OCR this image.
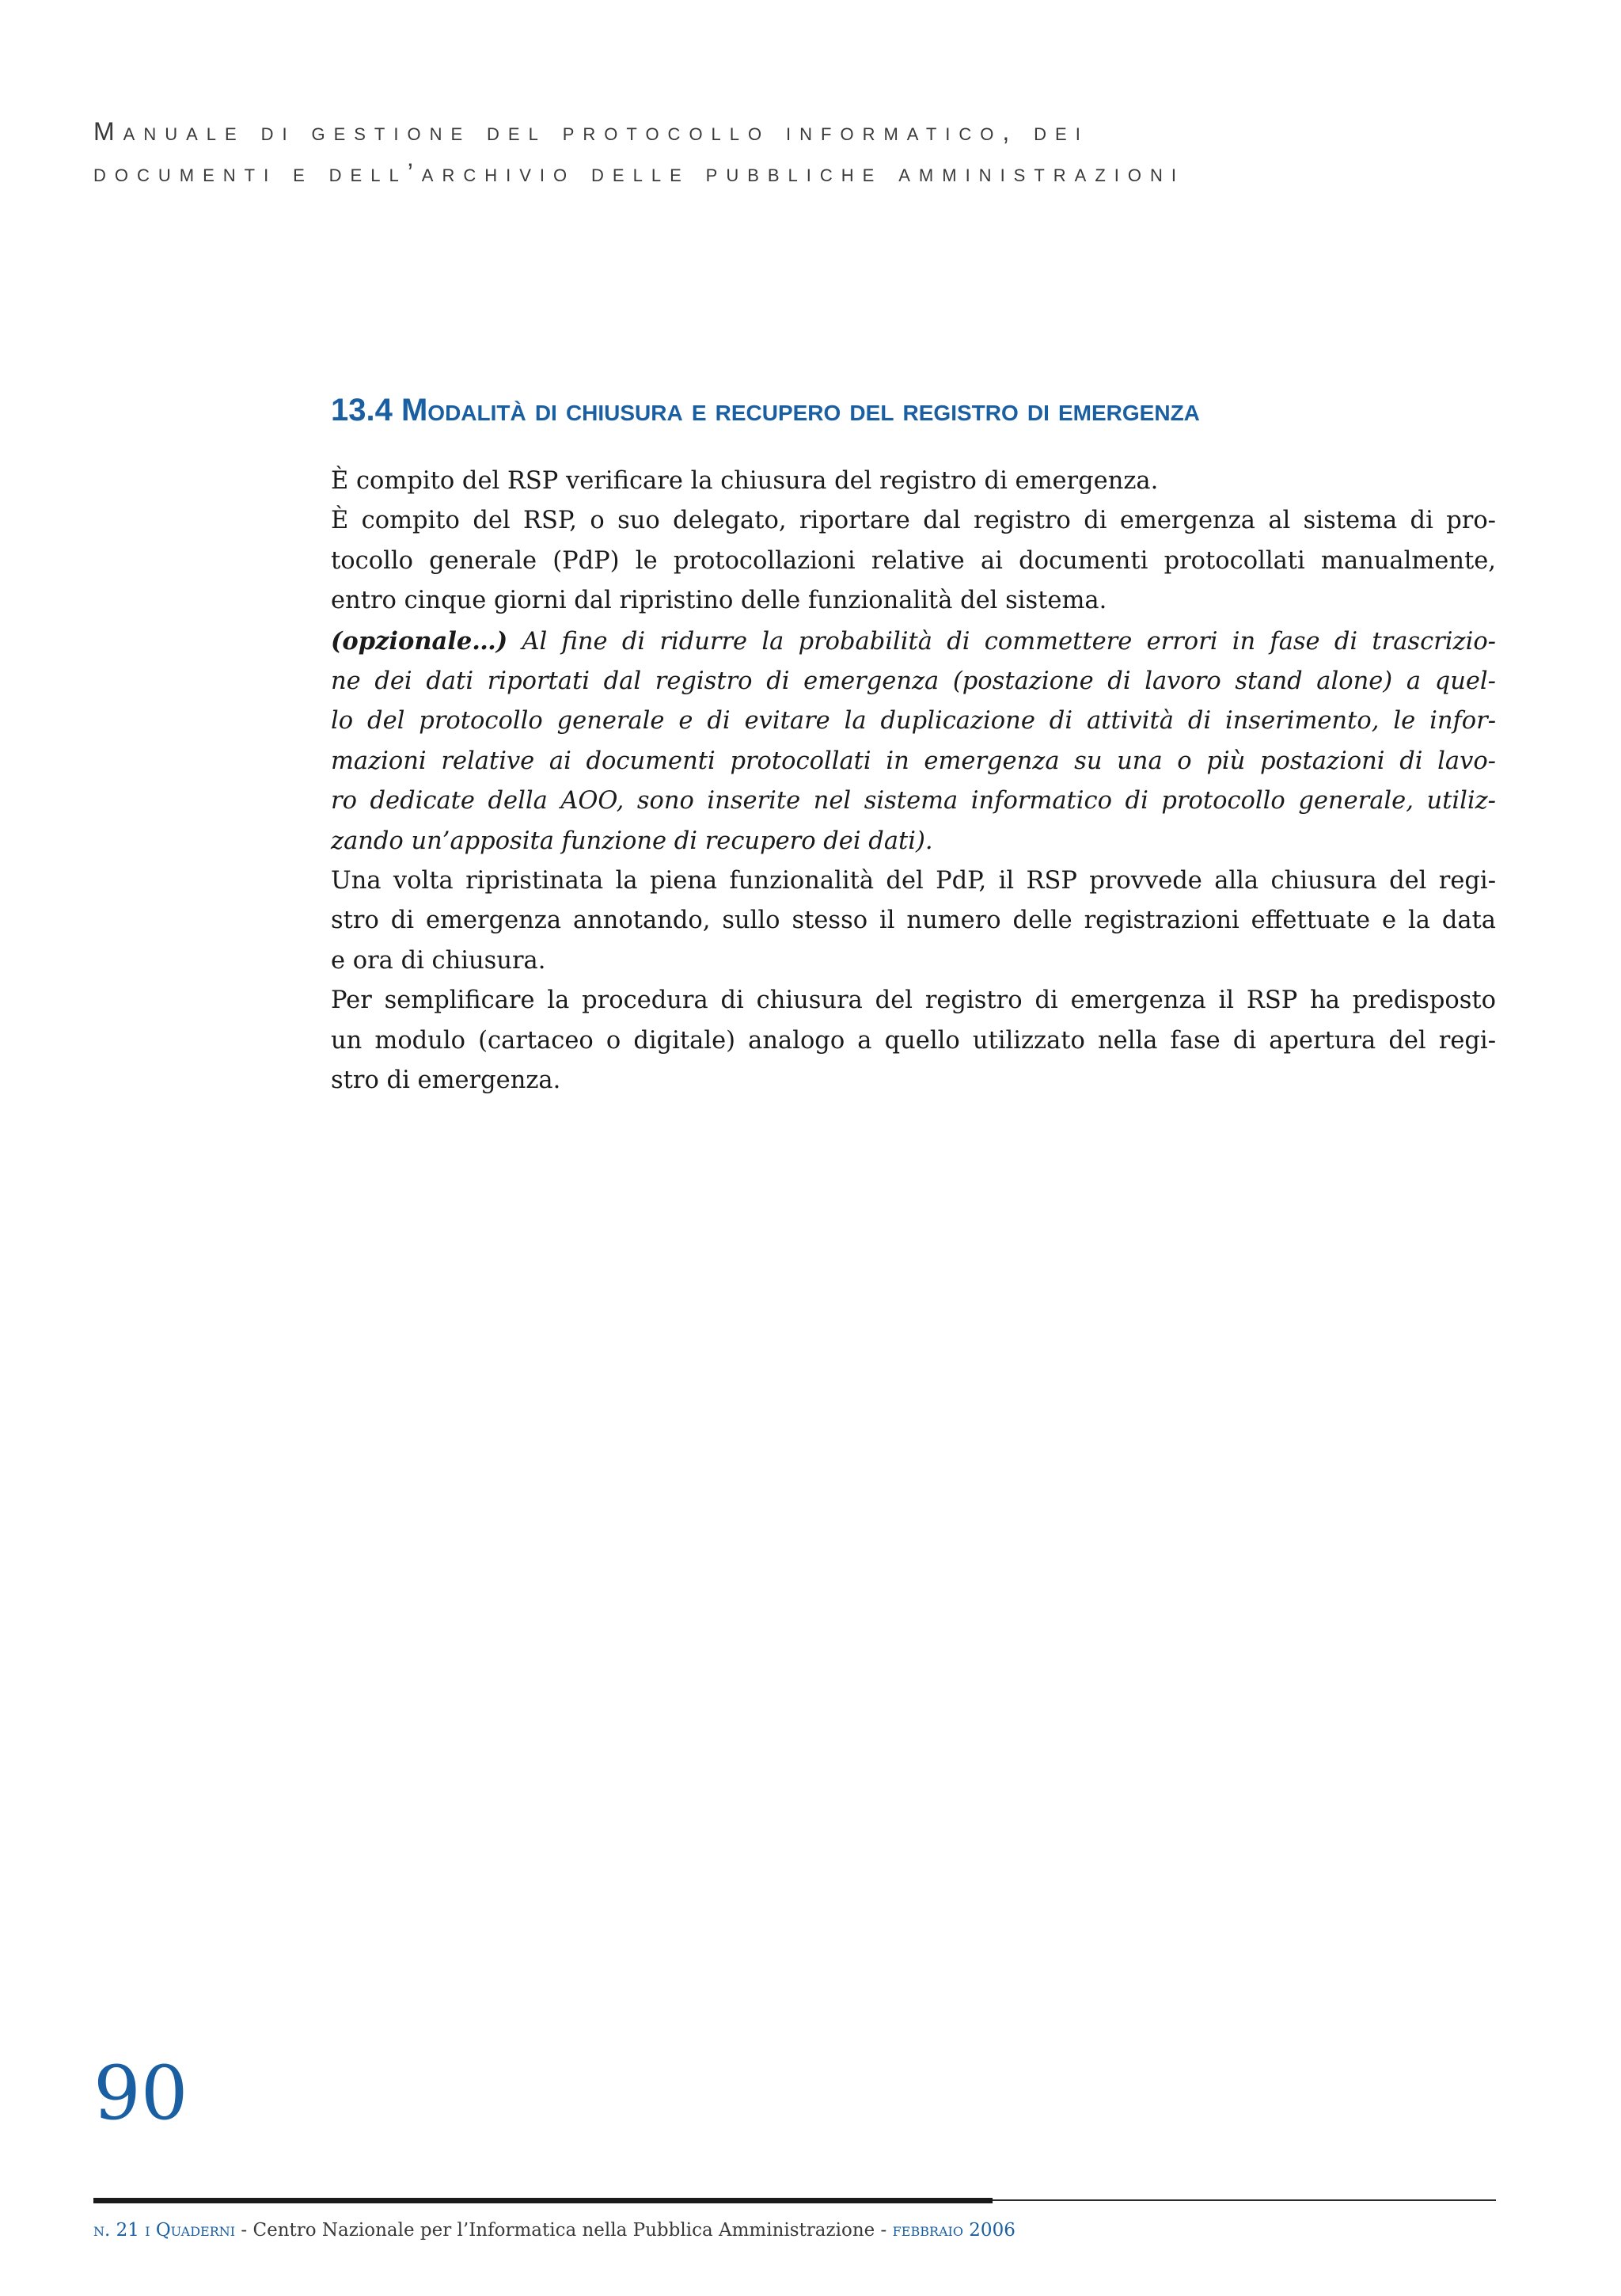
Manuale di gestione del protocollo informatico, dei
documenti e dell’archivio delle pubbliche amministrazioni
13.4 Modalità di chiusura e recupero del registro di emergenza
È compito del RSP verificare la chiusura del registro di emergenza.
È compito del RSP, o suo delegato, riportare dal registro di emergenza al sistema di pro-
tocollo generale (PdP) le protocollazioni relative ai documenti protocollati manualmente,
entro cinque giorni dal ripristino delle funzionalità del sistema.
(opzionale…) Al fine di ridurre la probabilità di commettere errori in fase di trascrizio-
ne dei dati riportati dal registro di emergenza (postazione di lavoro stand alone) a quel-
lo del protocollo generale e di evitare la duplicazione di attività di inserimento, le infor-
mazioni relative ai documenti protocollati in emergenza su una o più postazioni di lavo-
ro dedicate della AOO, sono inserite nel sistema informatico di protocollo generale, utiliz-
zando un’apposita funzione di recupero dei dati).
Una volta ripristinata la piena funzionalità del PdP, il RSP provvede alla chiusura del regi-
stro di emergenza annotando, sullo stesso il numero delle registrazioni effettuate e la data
e ora di chiusura.
Per semplificare la procedura di chiusura del registro di emergenza il RSP ha predisposto
un modulo (cartaceo o digitale) analogo a quello utilizzato nella fase di apertura del regi-
stro di emergenza.
90
n. 21 i Quaderni - Centro Nazionale per l’Informatica nella Pubblica Amministrazione - febbraio 2006
